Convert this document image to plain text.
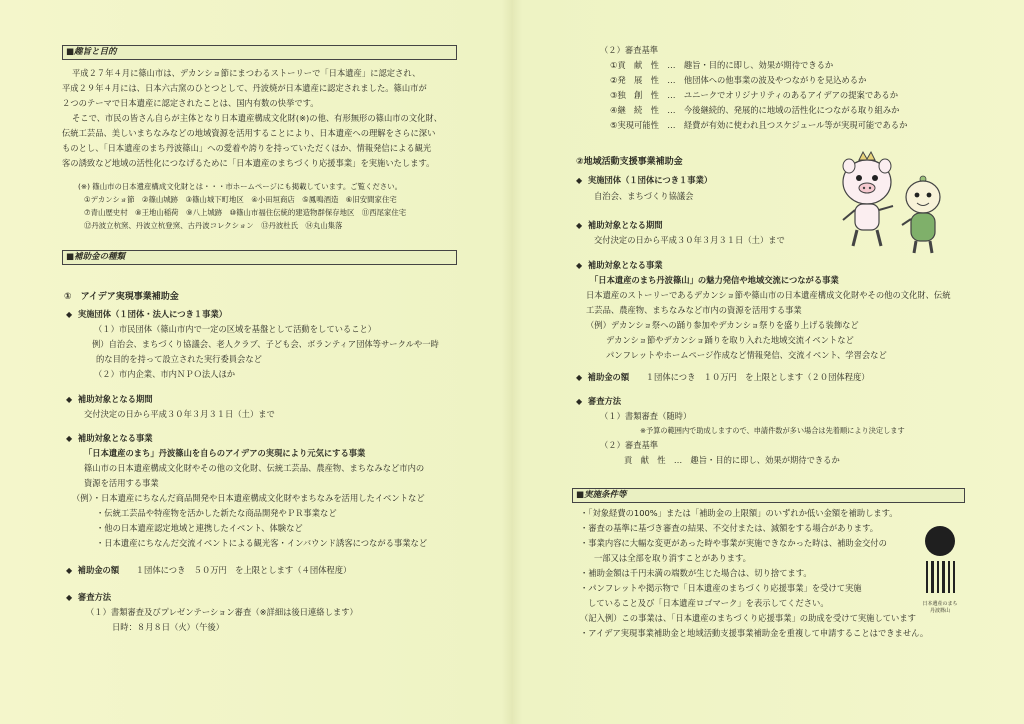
■趣旨と目的
平成２７年４月に篠山市は、デカンショ節にまつわるストーリーで「日本遺産」に認定され、
平成２９年４月には、日本六古窯のひとつとして、丹波焼が日本遺産に認定されました。篠山市が
２つのテーマで日本遺産に認定されたことは、国内有数の快挙です。
そこで、市民の皆さん自らが主体となり日本遺産構成文化財(※)の他、有形無形の篠山市の文化財、
伝統工芸品、美しいまちなみなどの地域資源を活用することにより、日本遺産への理解をさらに深い
ものとし、「日本遺産のまち丹波篠山」への愛着や誇りを持っていただくほか、情報発信による観光
客の誘致など地域の活性化につなげるために「日本遺産のまちづくり応援事業」を実施いたします。
(※) 篠山市の日本遺産構成文化財とは・・・市ホームページにも掲載しています。ご覧ください。
①デカンショ節　②篠山城跡　③篠山城下町地区　④小田垣商店　⑤鳳鳴酒造　⑥旧安間家住宅
⑦青山歴史村　⑧王地山稲荷　⑨八上城跡　⑩篠山市福住伝統的建造物群保存地区　⑪西尾家住宅
⑫丹波立杭窯、丹波立杭登窯、古丹波コレクション　⑬丹波杜氏　⑭丸山集落
■補助金の種類
①　アイデア実現事業補助金
◆ 実施団体（１団体・法人につき１事業）
（１）市民団体（篠山市内で一定の区域を基盤として活動をしていること）
例）自治会、まちづくり協議会、老人クラブ、子ども会、ボランティア団体等サークルや一時
的な目的を持って設立された実行委員会など
（２）市内企業、市内ＮＰＯ法人ほか
◆ 補助対象となる期間
交付決定の日から平成３０年３月３１日（土）まで
◆ 補助対象となる事業
「日本遺産のまち」丹波篠山を自らのアイデアの実現により元気にする事業
篠山市の日本遺産構成文化財やその他の文化財、伝統工芸品、農産物、まちなみなど市内の
資源を活用する事業
（例）・日本遺産にちなんだ商品開発や日本遺産構成文化財やまちなみを活用したイベントなど
・伝統工芸品や特産物を活かした新たな商品開発やＰＲ事業など
・他の日本遺産認定地域と連携したイベント、体験など
・日本遺産にちなんだ交流イベントによる観光客・インバウンド誘客につながる事業など
◆ 補助金の額　　 １団体につき　５０万円　を上限とします（４団体程度）
◆ 審査方法
（１）書類審査及びプレゼンテーション審査（※詳細は後日連絡します）
日時：８月８日（火）（午後）
（２）審査基準
①貢　献　性　 …　 趣旨・目的に即し、効果が期待できるか
②発　展　性　 …　 他団体への他事業の波及やつながりを見込めるか
③独　創　性　 …　 ユニークでオリジナリティのあるアイデアの提案であるか
④継　続　性　 …　 今後継続的、発展的に地域の活性化につながる取り組みか
⑤実現可能性　 …　 経費が有効に使われ且つスケジュール等が実現可能であるか
②地域活動支援事業補助金
◆ 実施団体（１団体につき１事業）
自治会、まちづくり協議会
◆ 補助対象となる期間
交付決定の日から平成３０年３月３１日（土）まで
◆ 補助対象となる事業
「日本遺産のまち丹波篠山」の魅力発信や地域交流につながる事業
日本遺産のストーリーであるデカンショ節や篠山市の日本遺産構成文化財やその他の文化財、伝統
工芸品、農産物、まちなみなど市内の資源を活用する事業
（例）デカンショ祭への踊り参加やデカンショ祭りを盛り上げる装飾など
デカンショ節やデカンショ踊りを取り入れた地域交流イベントなど
パンフレットやホームページ作成など情報発信、交流イベント、学習会など
◆ 補助金の額　　 １団体につき　１０万円　を上限とします（２０団体程度）
◆ 審査方法
（１）書類審査（随時）
※予算の範囲内で助成しますので、申請件数が多い場合は先着順により決定します
（２）審査基準
貢　献　性　 …　 趣旨・目的に即し、効果が期待できるか
■実施条件等
・「対象経費の100%」または「補助金の上限額」のいずれか低い金額を補助します。
・審査の基準に基づき審査の結果、不交付または、減額をする場合があります。
・事業内容に大幅な変更があった時や事業が実施できなかった時は、補助金交付の
一部又は全部を取り消すことがあります。
・補助金額は千円未満の端数が生じた場合は、切り捨てます。
・パンフレットや掲示物で「日本遺産のまちづくり応援事業」を受けて実施
していること及び「日本遺産ロゴマーク」を表示してください。
（記入例）この事業は、「日本遺産のまちづくり応援事業」の助成を受けて実施しています
・アイデア実現事業補助金と地域活動支援事業補助金を重複して申請することはできません。
日本遺産のまち
丹波篠山
